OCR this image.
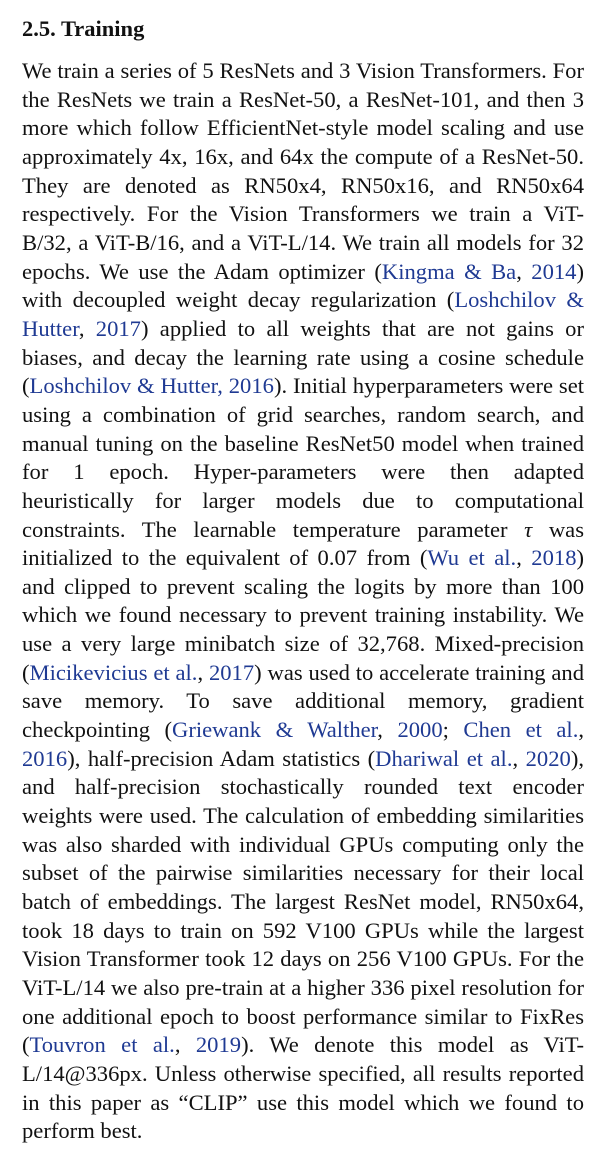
2.5. Training

We train a series of 5 ResNets and 3 Vision Transformers. For the ResNets we train a ResNet-50, a ResNet-101, and then 3 more which follow EfficientNet-style model scaling and use approximately 4x, 16x, and 64x the compute of a ResNet-50. They are denoted as RN50x4, RN50x16, and RN50x64 respectively. For the Vision Transformers we train a ViT-B/32, a ViT-B/16, and a ViT-L/14. We train all models for 32 epochs. We use the Adam optimizer (Kingma & Ba, 2014) with decoupled weight decay regularization (Loshchilov & Hutter, 2017) applied to all weights that are not gains or biases, and decay the learning rate using a cosine schedule (Loshchilov & Hutter, 2016). Initial hyperparameters were set using a combination of grid searches, random search, and manual tuning on the baseline ResNet50 model when trained for 1 epoch. Hyper-parameters were then adapted heuristically for larger models due to computational constraints. The learnable temperature parameter τ was initialized to the equivalent of 0.07 from (Wu et al., 2018) and clipped to prevent scaling the logits by more than 100 which we found necessary to prevent training instability. We use a very large minibatch size of 32,768. Mixed-precision (Micikevicius et al., 2017) was used to accelerate training and save memory. To save additional memory, gradient checkpointing (Griewank & Walther, 2000; Chen et al., 2016), half-precision Adam statistics (Dhariwal et al., 2020), and half-precision stochastically rounded text encoder weights were used. The calculation of embedding similarities was also sharded with individual GPUs computing only the subset of the pairwise similarities necessary for their local batch of embeddings. The largest ResNet model, RN50x64, took 18 days to train on 592 V100 GPUs while the largest Vision Transformer took 12 days on 256 V100 GPUs. For the ViT-L/14 we also pre-train at a higher 336 pixel resolution for one additional epoch to boost performance similar to FixRes (Touvron et al., 2019). We denote this model as ViT-L/14@336px. Unless otherwise specified, all results reported in this paper as “CLIP” use this model which we found to perform best.
